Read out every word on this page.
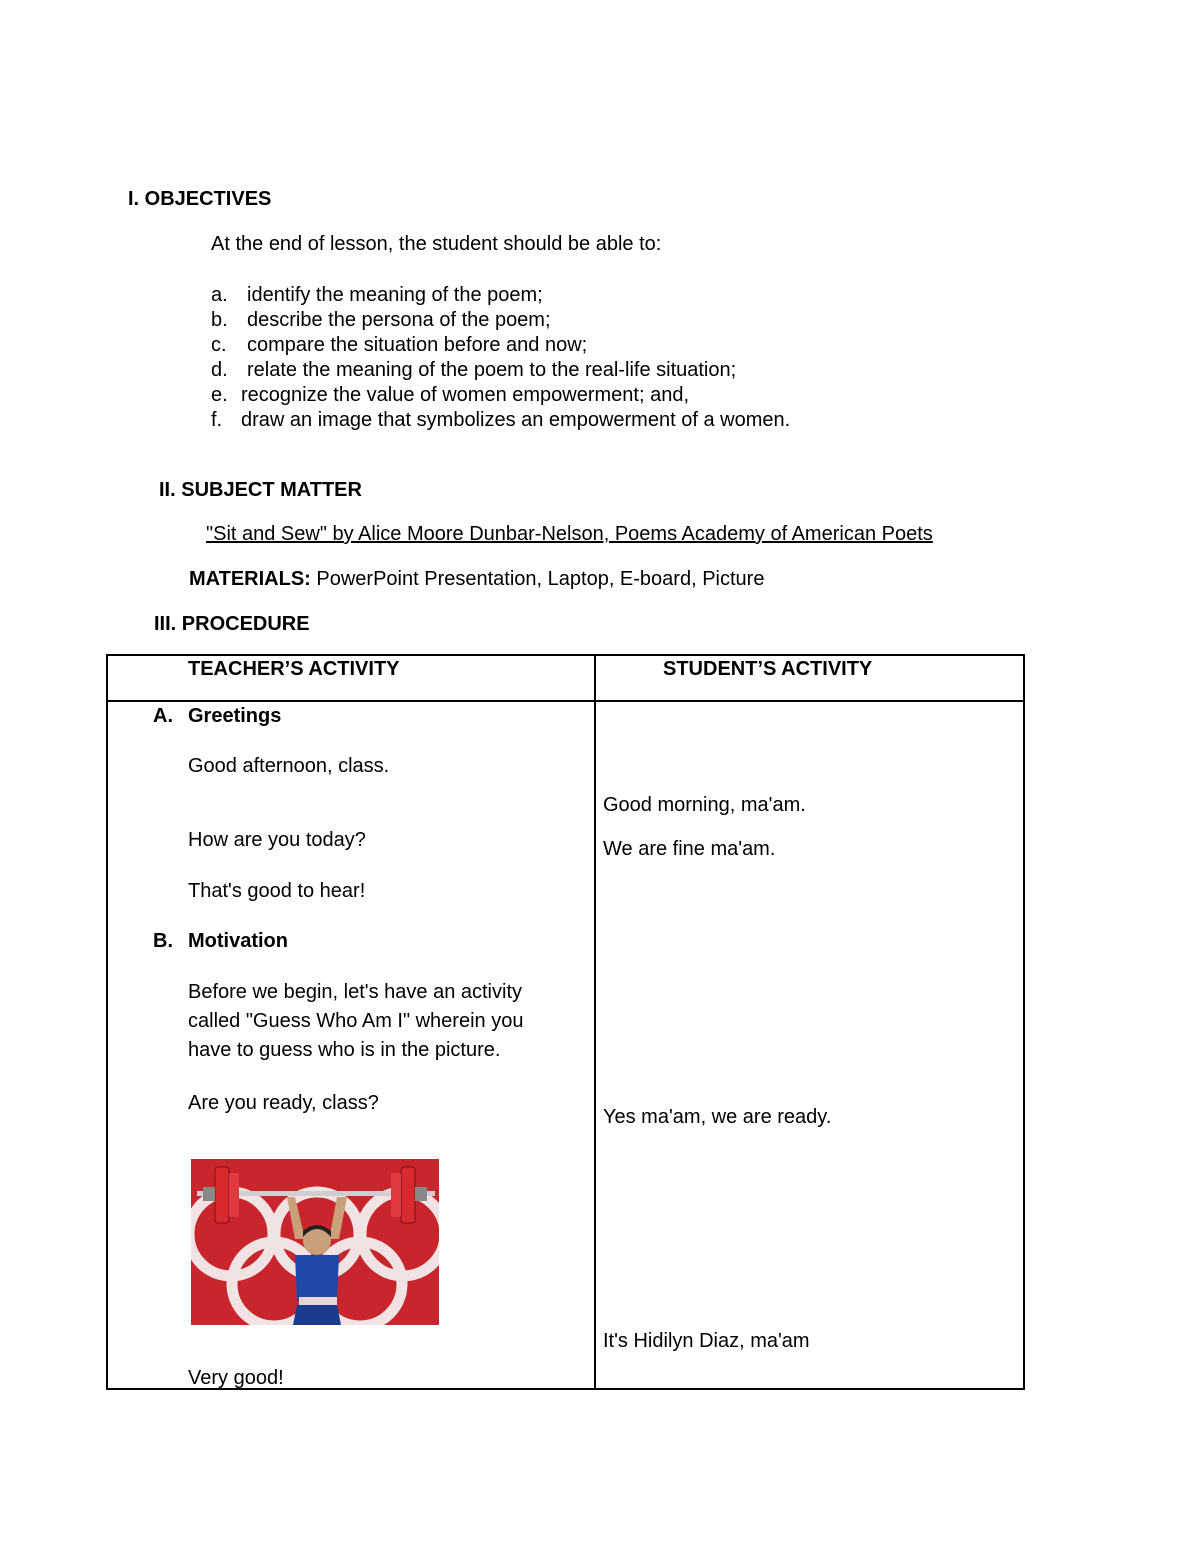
I. OBJECTIVES
At the end of lesson, the student should be able to:
a. identify the meaning of the poem;
b. describe the persona of the poem;
c. compare the situation before and now;
d. relate the meaning of the poem to the real-life situation;
e. recognize the value of women empowerment; and,
f. draw an image that symbolizes an empowerment of a women.
II. SUBJECT MATTER
"Sit and Sew" by Alice Moore Dunbar-Nelson, Poems Academy of American Poets
MATERIALS: PowerPoint Presentation, Laptop, E-board, Picture
III. PROCEDURE
TEACHER’S ACTIVITY	STUDENT’S ACTIVITY
A. Greetings
Good afternoon, class.
How are you today?
That's good to hear!
B. Motivation
Before we begin, let's have an activity
called "Guess Who Am I" wherein you
have to guess who is in the picture.
Are you ready, class?
Very good!
Good morning, ma'am.
We are fine ma'am.
Yes ma'am, we are ready.
It's Hidilyn Diaz, ma'am
